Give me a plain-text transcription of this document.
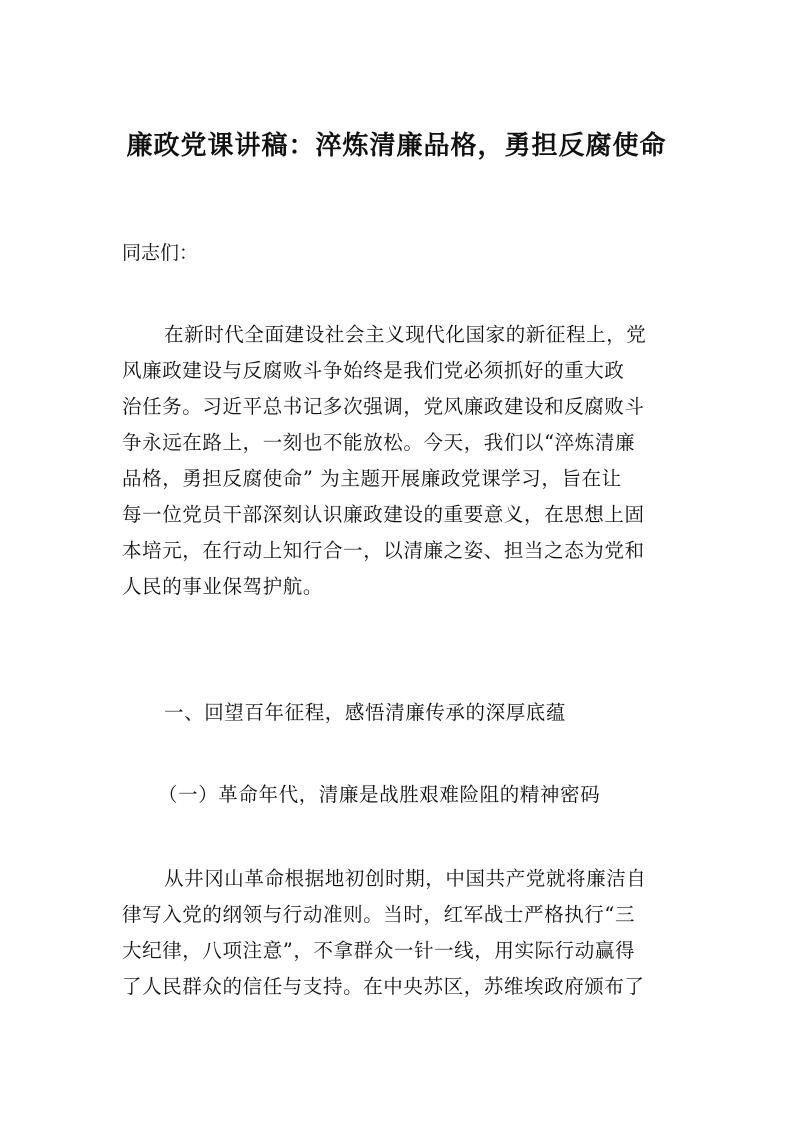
廉政党课讲稿：淬炼清廉品格，勇担反腐使命
同志们：
在新时代全面建设社会主义现代化国家的新征程上，党
风廉政建设与反腐败斗争始终是我们党必须抓好的重大政
治任务。习近平总书记多次强调，党风廉政建设和反腐败斗
争永远在路上，一刻也不能放松。今天，我们以“淬炼清廉
品格，勇担反腐使命” 为主题开展廉政党课学习，旨在让
每一位党员干部深刻认识廉政建设的重要意义，在思想上固
本培元，在行动上知行合一，以清廉之姿、担当之态为党和
人民的事业保驾护航。
一、回望百年征程，感悟清廉传承的深厚底蕴
（一）革命年代，清廉是战胜艰难险阻的精神密码
从井冈山革命根据地初创时期，中国共产党就将廉洁自
律写入党的纲领与行动准则。当时，红军战士严格执行“三
大纪律，八项注意”，不拿群众一针一线，用实际行动赢得
了人民群众的信任与支持。在中央苏区，苏维埃政府颁布了
